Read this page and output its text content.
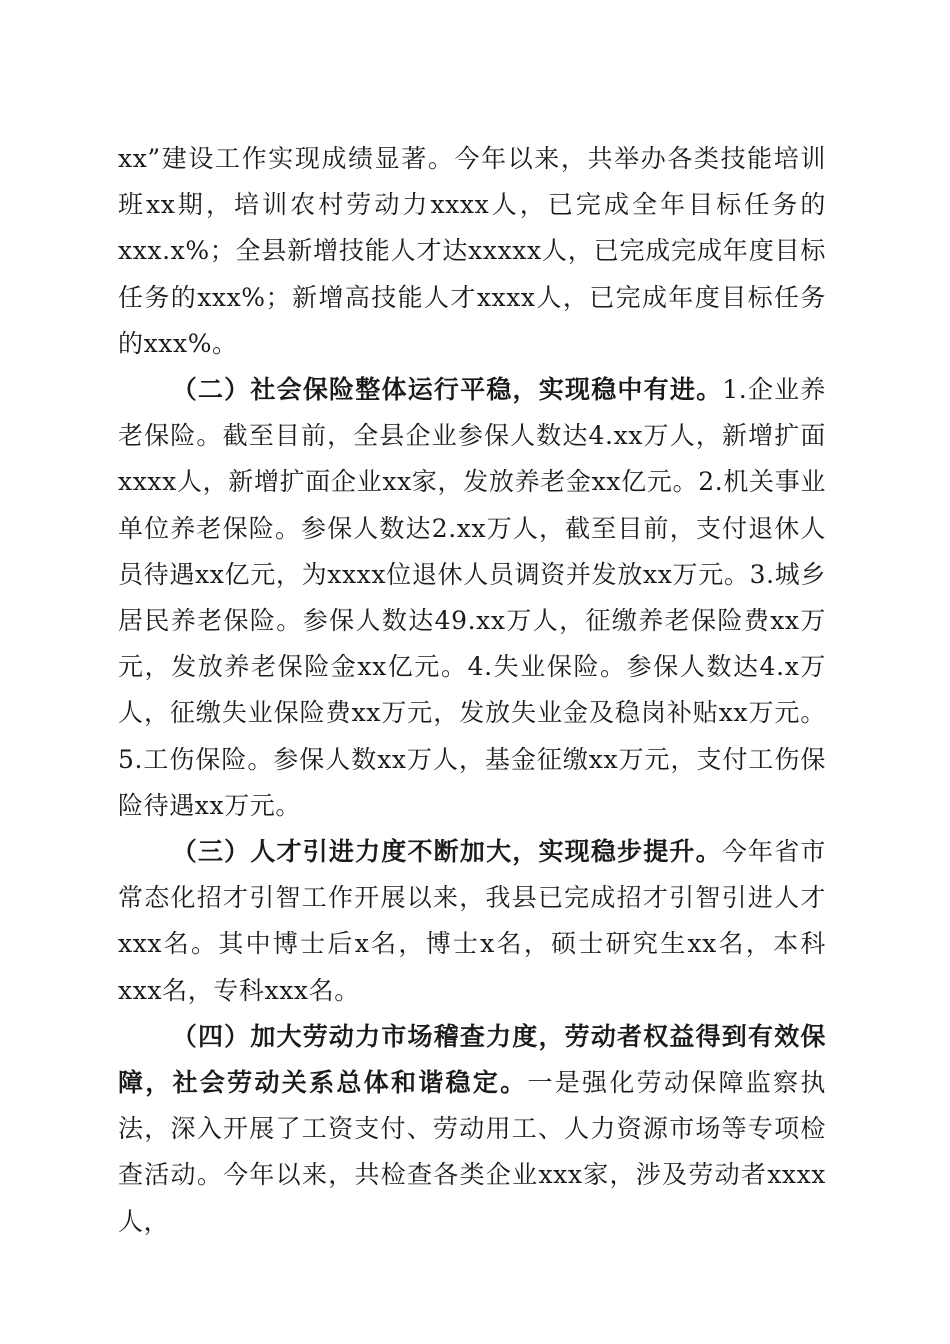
xx”建设工作实现成绩显著。今年以来，共举办各类技能培训班xx期，培训农村劳动力xxxx人，已完成全年目标任务的xxx.x%；全县新增技能人才达xxxxx人，已完成完成年度目标任务的xxx%；新增高技能人才xxxx人，已完成年度目标任务的xxx%。

（二）社会保险整体运行平稳，实现稳中有进。1.企业养老保险。截至目前，全县企业参保人数达4.xx万人，新增扩面xxxx人，新增扩面企业xx家，发放养老金xx亿元。2.机关事业单位养老保险。参保人数达2.xx万人，截至目前，支付退休人员待遇xx亿元，为xxxx位退休人员调资并发放xx万元。3.城乡居民养老保险。参保人数达49.xx万人，征缴养老保险费xx万元，发放养老保险金xx亿元。4.失业保险。参保人数达4.x万人，征缴失业保险费xx万元，发放失业金及稳岗补贴xx万元。5.工伤保险。参保人数xx万人，基金征缴xx万元，支付工伤保险待遇xx万元。

（三）人才引进力度不断加大，实现稳步提升。今年省市常态化招才引智工作开展以来，我县已完成招才引智引进人才xxx名。其中博士后x名，博士x名，硕士研究生xx名，本科xxx名，专科xxx名。

（四）加大劳动力市场稽查力度，劳动者权益得到有效保障，社会劳动关系总体和谐稳定。一是强化劳动保障监察执法，深入开展了工资支付、劳动用工、人力资源市场等专项检查活动。今年以来，共检查各类企业xxx家，涉及劳动者xxxx人，
